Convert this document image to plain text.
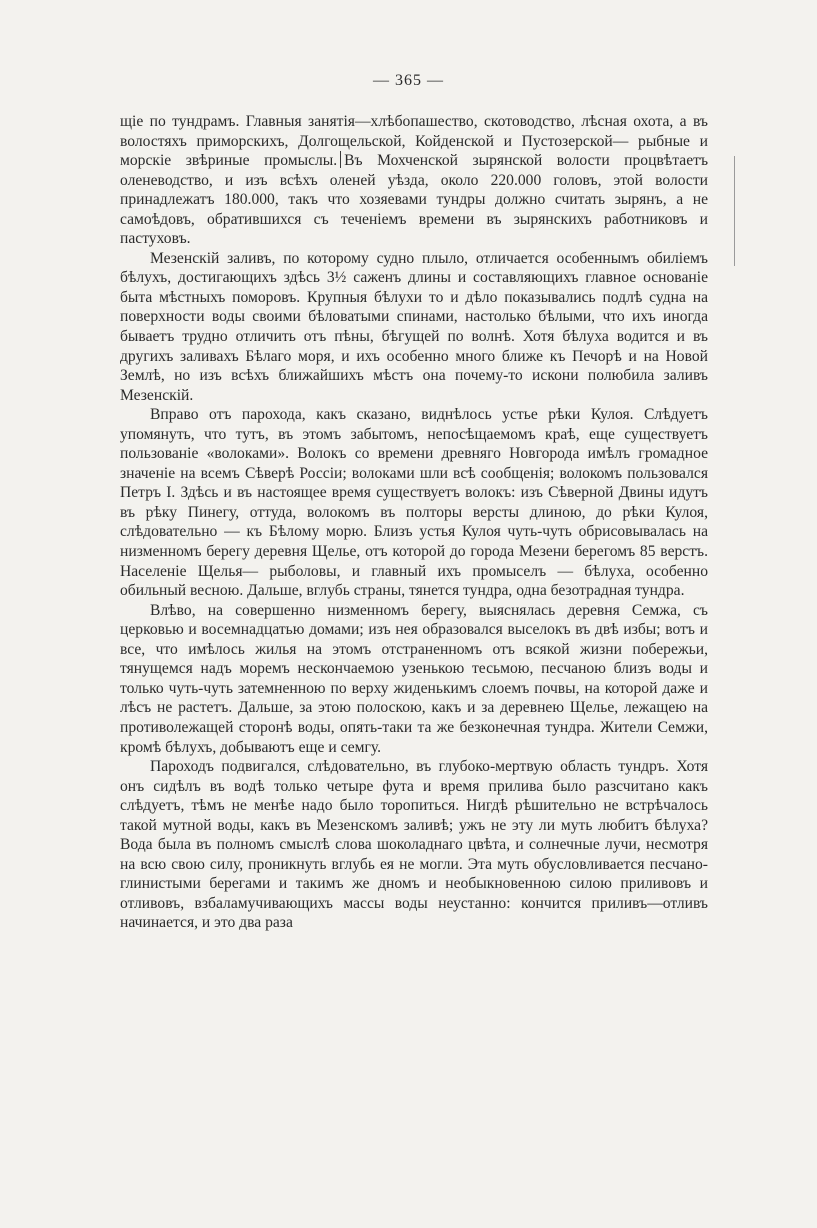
— 365 —

щіе по тундрамъ. Главныя занятія—хлѣбопашество, скотоводство, лѣсная охота, а въ волостяхъ приморскихъ, Долгощельской, Койденской и Пустозерской— рыбные и морскіе звѣриные промыслы. Въ Мохченской зырянской волости процвѣтаетъ оленеводство, и изъ всѣхъ оленей уѣзда, около 220.000 головъ, этой волости принадлежатъ 180.000, такъ что хозяевами тундры должно считать зырянъ, а не самоѣдовъ, обратившихся съ теченіемъ времени въ зырянскихъ работниковъ и пастуховъ.

Мезенскій заливъ, по которому судно плыло, отличается особеннымъ обиліемъ бѣлухъ, достигающихъ здѣсь 3½ саженъ длины и составляющихъ главное основаніе быта мѣстныхъ поморовъ. Крупныя бѣлухи то и дѣло показывались подлѣ судна на поверхности воды своими бѣловатыми спинами, настолько бѣлыми, что ихъ иногда бываетъ трудно отличить отъ пѣны, бѣгущей по волнѣ. Хотя бѣлуха водится и въ другихъ заливахъ Бѣлаго моря, и ихъ особенно много ближе къ Печорѣ и на Новой Землѣ, но изъ всѣхъ ближайшихъ мѣстъ она почему-то искони полюбила заливъ Мезенскій.

Вправо отъ парохода, какъ сказано, виднѣлось устье рѣки Кулоя. Слѣдуетъ упомянуть, что тутъ, въ этомъ забытомъ, непосѣщаемомъ краѣ, еще существуетъ пользованіе «волоками». Волокъ со времени древняго Новгорода имѣлъ громадное значеніе на всемъ Сѣверѣ Россіи; волоками шли всѣ сообщенія; волокомъ пользовался Петръ I. Здѣсь и въ настоящее время существуетъ волокъ: изъ Сѣверной Двины идутъ въ рѣку Пинегу, оттуда, волокомъ въ полторы версты длиною, до рѣки Кулоя, слѣдовательно — къ Бѣлому морю. Близъ устья Кулоя чуть-чуть обрисовывалась на низменномъ берегу деревня Щелье, отъ которой до города Мезени берегомъ 85 верстъ. Населеніе Щелья— рыболовы, и главный ихъ промыселъ — бѣлуха, особенно обильный весною. Дальше, вглубь страны, тянется тундра, одна безотрадная тундра.

Влѣво, на совершенно низменномъ берегу, выяснялась деревня Семжа, съ церковью и восемнадцатью домами; изъ нея образовался выселокъ въ двѣ избы; вотъ и все, что имѣлось жилья на этомъ отстраненномъ отъ всякой жизни побережьи, тянущемся надъ моремъ нескончаемою узенькою тесьмою, песчаною близъ воды и только чуть-чуть затемненною по верху жиденькимъ слоемъ почвы, на которой даже и лѣсъ не растетъ. Дальше, за этою полоскою, какъ и за деревнею Щелье, лежащею на противолежащей сторонѣ воды, опять-таки та же безконечная тундра. Жители Семжи, кромѣ бѣлухъ, добываютъ еще и семгу.

Пароходъ подвигался, слѣдовательно, въ глубоко-мертвую область тундръ. Хотя онъ сидѣлъ въ водѣ только четыре фута и время прилива было разсчитано какъ слѣдуетъ, тѣмъ не менѣе надо было торопиться. Нигдѣ рѣшительно не встрѣчалось такой мутной воды, какъ въ Мезенскомъ заливѣ; ужъ не эту ли муть любитъ бѣлуха? Вода была въ полномъ смыслѣ слова шоколаднаго цвѣта, и солнечные лучи, несмотря на всю свою силу, проникнуть вглубь ея не могли. Эта муть обусловливается песчано-глинистыми берегами и такимъ же дномъ и необыкновенною силою приливовъ и отливовъ, взбаламучивающихъ массы воды неустанно: кончится приливъ—отливъ начинается, и это два раза
